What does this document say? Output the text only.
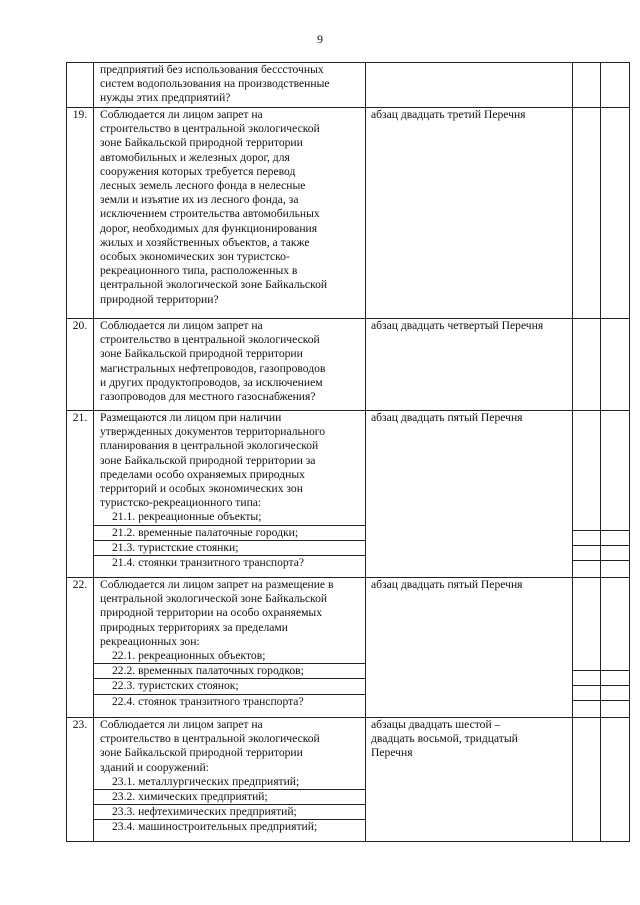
9
предприятий без использования бесссточных
систем водопользования на производственные
нужды этих предприятий?
19.	Соблюдается ли лицом запрет на
строительство в центральной экологической
зоне Байкальской природной территории
автомобильных и железных дорог, для
сооружения которых требуется перевод
лесных земель лесного фонда в нелесные
земли и изъятие их из лесного фонда, за
исключением строительства автомобильных
дорог, необходимых для функционирования
жилых и хозяйственных объектов, а также
особых экономических зон туристско-
рекреационного типа, расположенных в
центральной экологической зоне Байкальской
природной территории?
абзац двадцать третий Перечня
20.	Соблюдается ли лицом запрет на
строительство в центральной экологической
зоне Байкальской природной территории
магистральных нефтепроводов, газопроводов
и других продуктопроводов, за исключением
газопроводов для местного газоснабжения?
абзац двадцать четвертый Перечня
21.	Размещаются ли лицом при наличии
утвержденных документов территориального
планирования в центральной экологической
зоне Байкальской природной территории за
пределами особо охраняемых природных
территорий и особых экономических зон
туристско-рекреационного типа:
21.1. рекреационные объекты;
21.2. временные палаточные городки;
21.3. туристские стоянки;
21.4. стоянки транзитного транспорта?
абзац двадцать пятый Перечня
22.	Соблюдается ли лицом запрет на размещение в
центральной экологической зоне Байкальской
природной территории на особо охраняемых
природных территориях за пределами
рекреационных зон:
22.1. рекреационных объектов;
22.2. временных палаточных городков;
22.3. туристских стоянок;
22.4. стоянок транзитного транспорта?
абзац двадцать пятый Перечня
23.	Соблюдается ли лицом запрет на
строительство в центральной экологической
зоне Байкальской природной территории
зданий и сооружений:
23.1. металлургических предприятий;
23.2. химических предприятий;
23.3. нефтехимических предприятий;
23.4. машиностроительных предприятий;
абзацы двадцать шестой –
двадцать восьмой, тридцатый
Перечня
